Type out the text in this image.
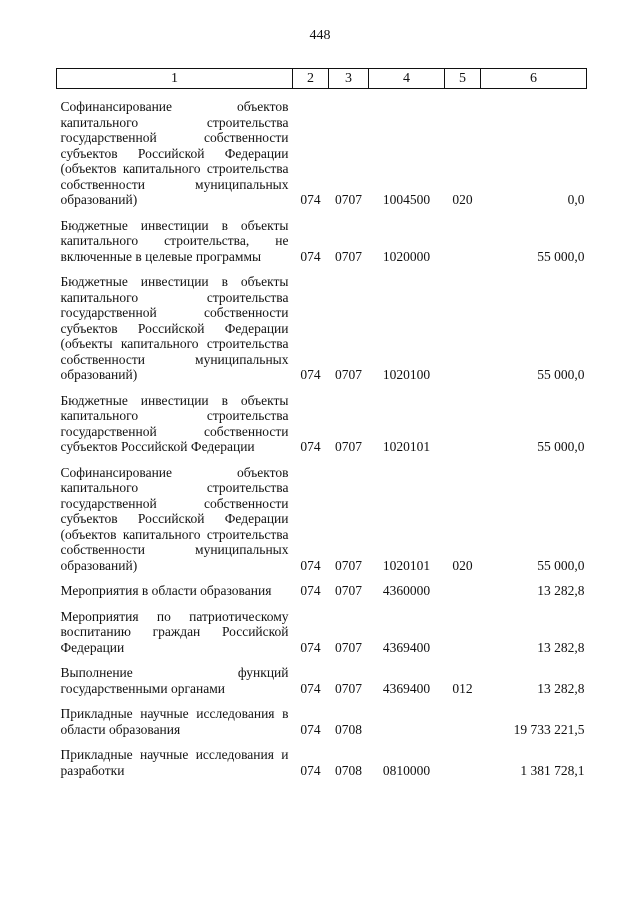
448
1	2	3	4	5	6
Софинансирование объектов капитального строительства государственной собственности субъектов Российской Федерации (объектов капитального строительства собственности муниципальных образований)	074	0707	1004500	020	0,0
Бюджетные инвестиции в объекты капитального строительства, не включенные в целевые программы	074	0707	1020000		55 000,0
Бюджетные инвестиции в объекты капитального строительства государственной собственности субъектов Российской Федерации (объекты капитального строительства собственности муниципальных образований)	074	0707	1020100		55 000,0
Бюджетные инвестиции в объекты капитального строительства государственной собственности субъектов Российской Федерации	074	0707	1020101		55 000,0
Софинансирование объектов капитального строительства государственной собственности субъектов Российской Федерации (объектов капитального строительства собственности муниципальных образований)	074	0707	1020101	020	55 000,0
Мероприятия в области образования	074	0707	4360000		13 282,8
Мероприятия по патриотическому воспитанию граждан Российской Федерации	074	0707	4369400		13 282,8
Выполнение функций государственными органами	074	0707	4369400	012	13 282,8
Прикладные научные исследования в области образования	074	0708			19 733 221,5
Прикладные научные исследования и разработки	074	0708	0810000		1 381 728,1
